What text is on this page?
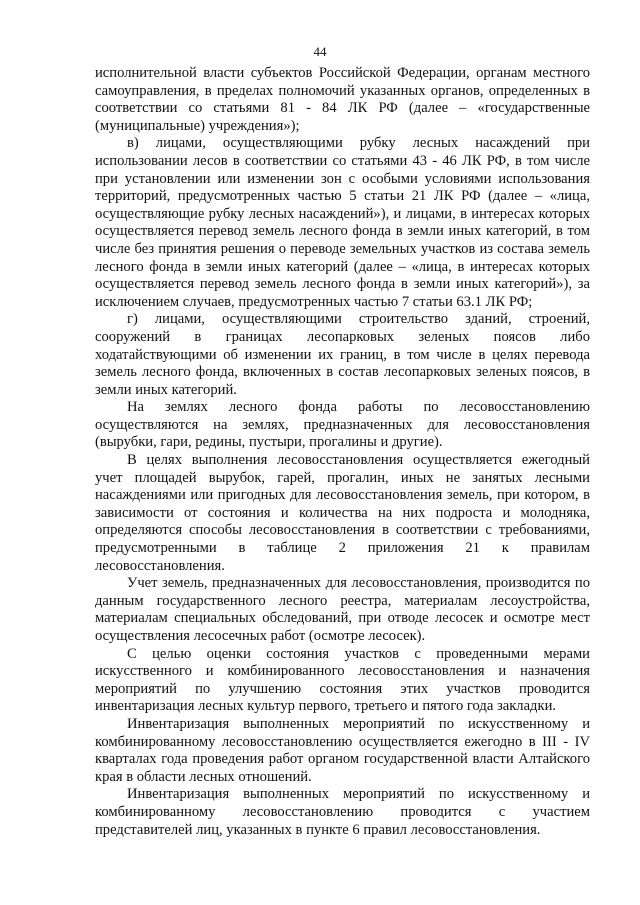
44

исполнительной власти субъектов Российской Федерации, органам местного самоуправления, в пределах полномочий указанных органов, определенных в соответствии со статьями 81 - 84 ЛК РФ (далее – «государственные (муниципальные) учреждения»);

в) лицами, осуществляющими рубку лесных насаждений при использовании лесов в соответствии со статьями 43 - 46 ЛК РФ, в том числе при установлении или изменении зон с особыми условиями использования территорий, предусмотренных частью 5 статьи 21 ЛК РФ (далее – «лица, осуществляющие рубку лесных насаждений»), и лицами, в интересах которых осуществляется перевод земель лесного фонда в земли иных категорий, в том числе без принятия решения о переводе земельных участков из состава земель лесного фонда в земли иных категорий (далее – «лица, в интересах которых осуществляется перевод земель лесного фонда в земли иных категорий»), за исключением случаев, предусмотренных частью 7 статьи 63.1 ЛК РФ;

г) лицами, осуществляющими строительство зданий, строений, сооружений в границах лесопарковых зеленых поясов либо ходатайствующими об изменении их границ, в том числе в целях перевода земель лесного фонда, включенных в состав лесопарковых зеленых поясов, в земли иных категорий.

На землях лесного фонда работы по лесовосстановлению осуществляются на землях, предназначенных для лесовосстановления (вырубки, гари, редины, пустыри, прогалины и другие).

В целях выполнения лесовосстановления осуществляется ежегодный учет площадей вырубок, гарей, прогалин, иных не занятых лесными насаждениями или пригодных для лесовосстановления земель, при котором, в зависимости от состояния и количества на них подроста и молодняка, определяются способы лесовосстановления в соответствии с требованиями, предусмотренными в таблице 2 приложения 21 к правилам лесовосстановления.

Учет земель, предназначенных для лесовосстановления, производится по данным государственного лесного реестра, материалам лесоустройства, материалам специальных обследований, при отводе лесосек и осмотре мест осуществления лесосечных работ (осмотре лесосек).

С целью оценки состояния участков с проведенными мерами искусственного и комбинированного лесовосстановления и назначения мероприятий по улучшению состояния этих участков проводится инвентаризация лесных культур первого, третьего и пятого года закладки.

Инвентаризация выполненных мероприятий по искусственному и комбинированному лесовосстановлению осуществляется ежегодно в III - IV кварталах года проведения работ органом государственной власти Алтайского края в области лесных отношений.

Инвентаризация выполненных мероприятий по искусственному и комбинированному лесовосстановлению проводится с участием представителей лиц, указанных в пункте 6 правил лесовосстановления.
